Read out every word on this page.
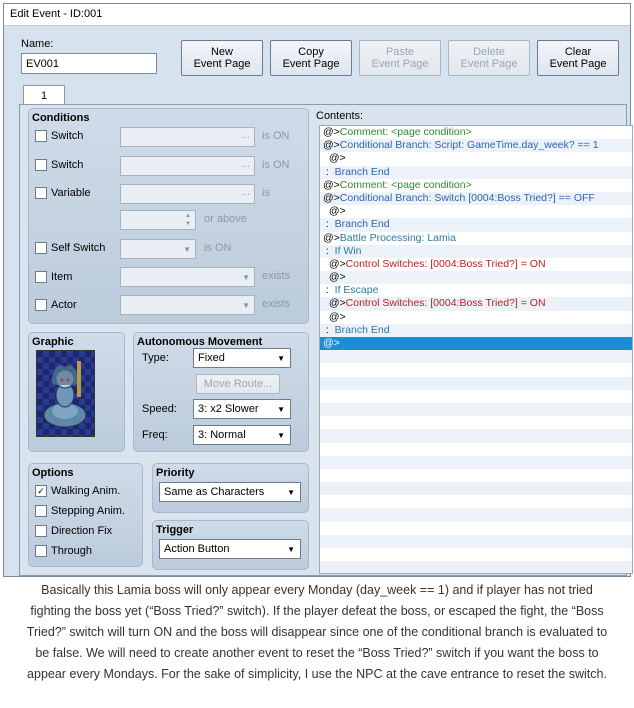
Edit Event - ID:001
Name:
EV001
New
Event Page
Copy
Event Page
Paste
Event Page
Delete
Event Page
Clear
Event Page
1
Conditions
Switch	... is ON
Switch	... is ON
Variable	... is
▲
▼ or above
Self Switch	▼ is ON
Item	▼ exists
Actor	▼ exists
Graphic	Autonomous Movement
Type:	Fixed	▼
Move Route...
Speed:	3: x2 Slower ▼
Freq:	3: Normal	▼
Options
✓ Walking Anim.
Stepping Anim.
Direction Fix
Through
Priority
Same as Characters	▼
Trigger
Action Button	▼
Contents:
@>Comment: <page condition>
@>Conditional Branch: Script: GameTime.day_week? == 1
@>
:  Branch End
@>Comment: <page condition>
@>Conditional Branch: Switch [0004:Boss Tried?] == OFF
@>
:  Branch End
@>Battle Processing: Lamia
:  If Win
@>Control Switches: [0004:Boss Tried?] = ON
@>
:  If Escape
@>Control Switches: [0004:Boss Tried?] = ON
@>
:  Branch End
@>
Basically this Lamia boss will only appear every Monday (day_week == 1) and if player has not tried fighting the boss yet (“Boss Tried?” switch). If the player defeat the boss, or escaped the fight, the “Boss Tried?” switch will turn ON and the boss will disappear since one of the conditional branch is evaluated to be false. We will need to create another event to reset the “Boss Tried?” switch if you want the boss to appear every Mondays. For the sake of simplicity, I use the NPC at the cave entrance to reset the switch.
